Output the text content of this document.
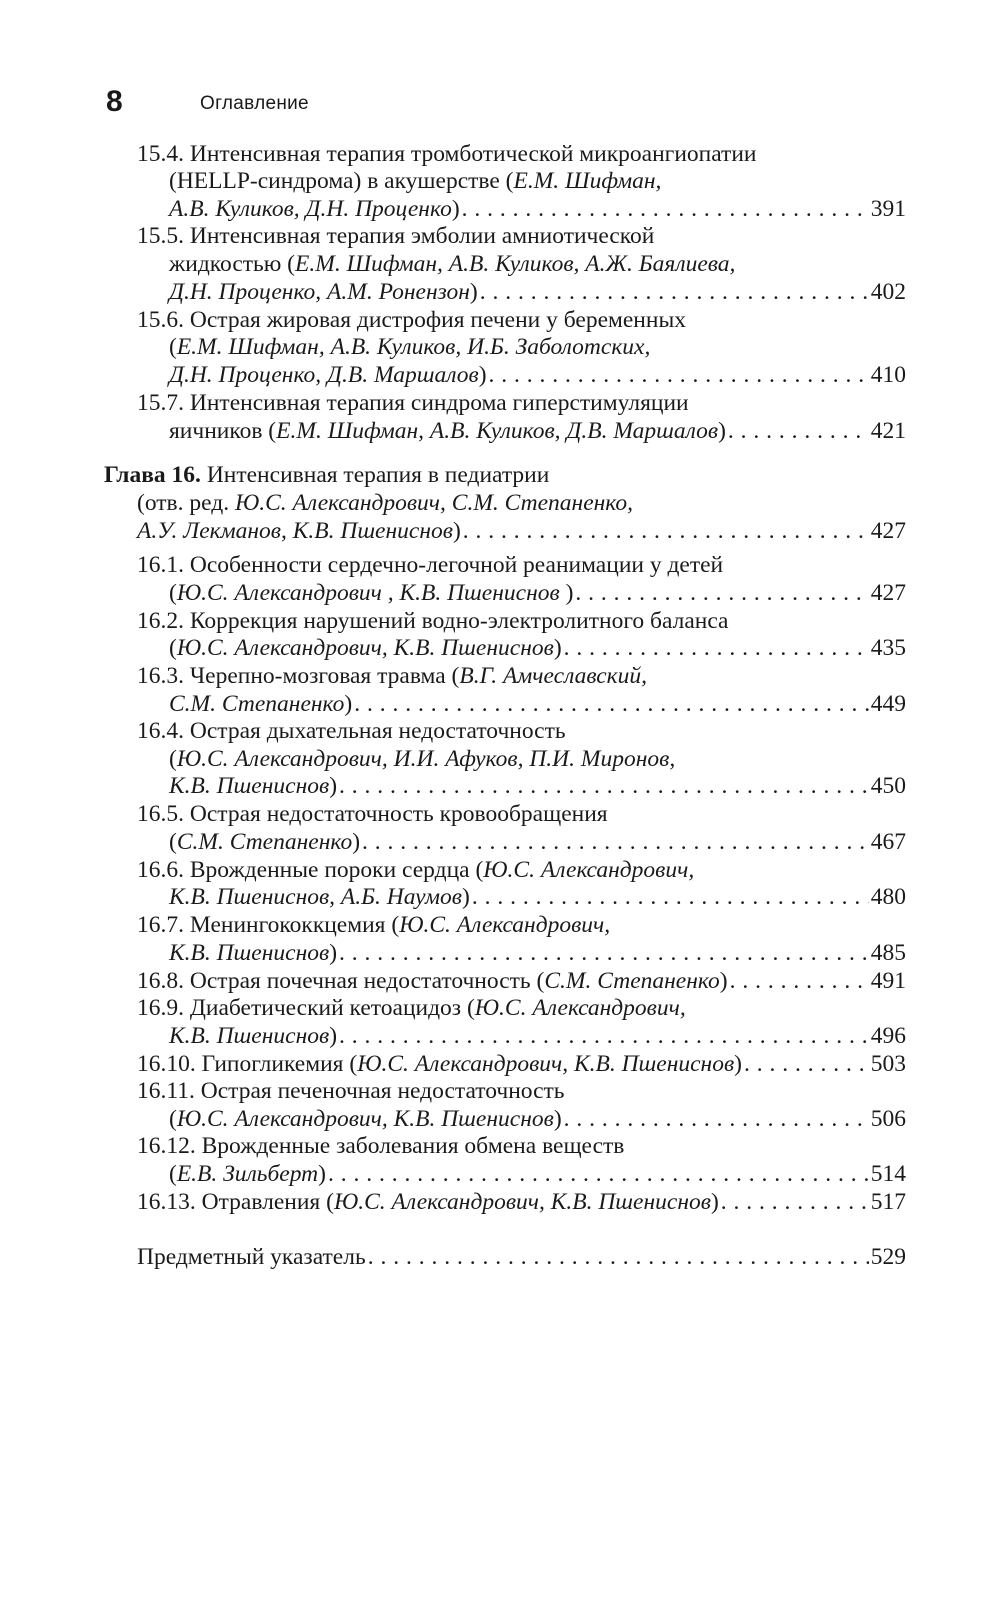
8	Оглавление
15.4. Интенсивная терапия тромботической микроангиопатии
(HELLP-синдрома) в акушерстве (Е.М. Шифман,
А.В. Куликов, Д.Н. Проценко) . . .	391
15.5. Интенсивная терапия эмболии амниотической
жидкостью (Е.М. Шифман, А.В. Куликов, А.Ж. Баялиева,
Д.Н. Проценко, А.М. Ронензон) . . .	402
15.6. Острая жировая дистрофия печени у беременных
(Е.М. Шифман, А.В. Куликов, И.Б. Заболотских,
Д.Н. Проценко, Д.В. Маршалов) . . .	410
15.7. Интенсивная терапия синдрома гиперстимуляции
яичников (Е.М. Шифман, А.В. Куликов, Д.В. Маршалов) . . .	421
Глава 16. Интенсивная терапия в педиатрии
(отв. ред. Ю.С. Александрович, С.М. Степаненко,
А.У. Лекманов, К.В. Пшениснов) . . .	427
16.1. Особенности сердечно-легочной реанимации у детей
(Ю.С. Александрович , К.В. Пшениснов ) . . .	427
16.2. Коррекция нарушений водно-электролитного баланса
(Ю.С. Александрович, К.В. Пшениснов) . . .	435
16.3. Черепно-мозговая травма (В.Г. Амчеславский,
С.М. Степаненко) . . .	449
16.4. Острая дыхательная недостаточность
(Ю.С. Александрович, И.И. Афуков, П.И. Миронов,
К.В. Пшениснов) . . .	450
16.5. Острая недостаточность кровообращения
(С.М. Степаненко) . . .	467
16.6. Врожденные пороки сердца (Ю.С. Александрович,
К.В. Пшениснов, А.Б. Наумов) . . .	480
16.7. Менингококкцемия (Ю.С. Александрович,
К.В. Пшениснов) . . .	485
16.8. Острая почечная недостаточность (С.М. Степаненко) . . .	491
16.9. Диабетический кетоацидоз (Ю.С. Александрович,
К.В. Пшениснов) . . .	496
16.10. Гипогликемия (Ю.С. Александрович, К.В. Пшениснов) . . .	503
16.11. Острая печеночная недостаточность
(Ю.С. Александрович, К.В. Пшениснов) . . .	506
16.12. Врожденные заболевания обмена веществ
(Е.В. Зильберт) . . .	514
16.13. Отравления (Ю.С. Александрович, К.В. Пшениснов) . . .	517
Предметный указатель . . .	529
